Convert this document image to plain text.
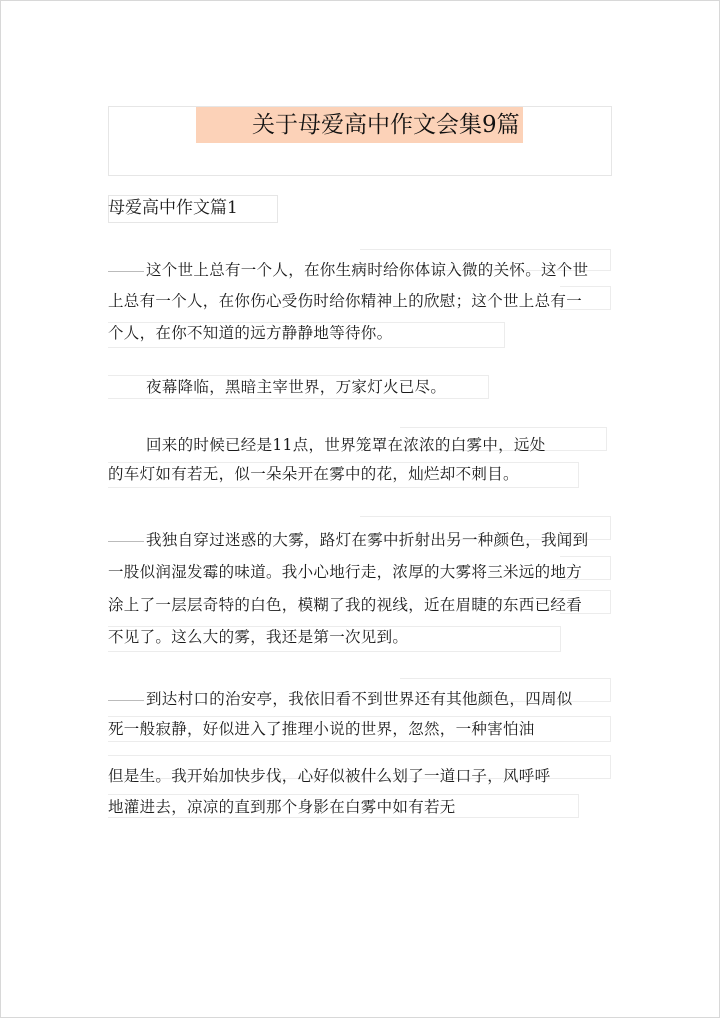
关于母爱高中作文会集9篇
母爱高中作文篇1
这个世上总有一个人，在你生病时给你体谅入微的关怀。这个世
上总有一个人，在你伤心受伤时给你精神上的欣慰；这个世上总有一
个人，在你不知道的远方静静地等待你。
夜幕降临，黑暗主宰世界，万家灯火已尽。
回来的时候已经是11点，世界笼罩在浓浓的白雾中，远处
的车灯如有若无，似一朵朵开在雾中的花，灿烂却不刺目。
我独自穿过迷惑的大雾，路灯在雾中折射出另一种颜色，我闻到
一股似润湿发霉的味道。我小心地行走，浓厚的大雾将三米远的地方
涂上了一层层奇特的白色，模糊了我的视线，近在眉睫的东西已经看
不见了。这么大的雾，我还是第一次见到。
到达村口的治安亭，我依旧看不到世界还有其他颜色，四周似
死一般寂静，好似进入了推理小说的世界，忽然，一种害怕油
但是生。我开始加快步伐，心好似被什么划了一道口子，风呼呼
地灌进去，凉凉的直到那个身影在白雾中如有若无
